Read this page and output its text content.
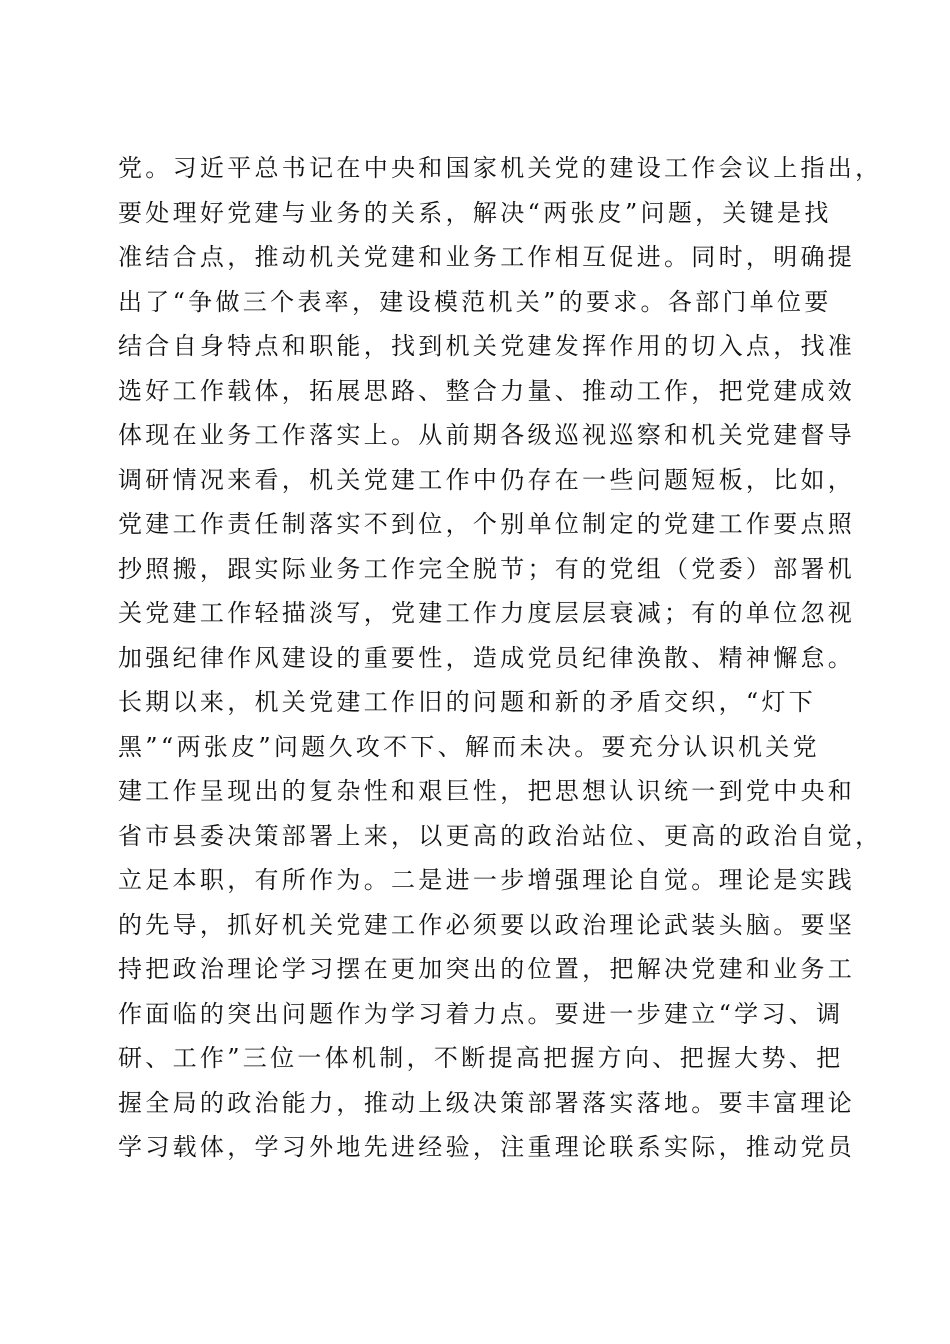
党。习近平总书记在中央和国家机关党的建设工作会议上指出，
要处理好党建与业务的关系，解决“两张皮”问题，关键是找
准结合点，推动机关党建和业务工作相互促进。同时，明确提
出了“争做三个表率，建设模范机关”的要求。各部门单位要
结合自身特点和职能，找到机关党建发挥作用的切入点，找准
选好工作载体，拓展思路、整合力量、推动工作，把党建成效
体现在业务工作落实上。从前期各级巡视巡察和机关党建督导
调研情况来看，机关党建工作中仍存在一些问题短板，比如，
党建工作责任制落实不到位，个别单位制定的党建工作要点照
抄照搬，跟实际业务工作完全脱节；有的党组（党委）部署机
关党建工作轻描淡写，党建工作力度层层衰减；有的单位忽视
加强纪律作风建设的重要性，造成党员纪律涣散、精神懈怠。
长期以来，机关党建工作旧的问题和新的矛盾交织，“灯下
黑”“两张皮”问题久攻不下、解而未决。要充分认识机关党
建工作呈现出的复杂性和艰巨性，把思想认识统一到党中央和
省市县委决策部署上来，以更高的政治站位、更高的政治自觉，
立足本职，有所作为。二是进一步增强理论自觉。理论是实践
的先导，抓好机关党建工作必须要以政治理论武装头脑。要坚
持把政治理论学习摆在更加突出的位置，把解决党建和业务工
作面临的突出问题作为学习着力点。要进一步建立“学习、调
研、工作”三位一体机制，不断提高把握方向、把握大势、把
握全局的政治能力，推动上级决策部署落实落地。要丰富理论
学习载体，学习外地先进经验，注重理论联系实际，推动党员
